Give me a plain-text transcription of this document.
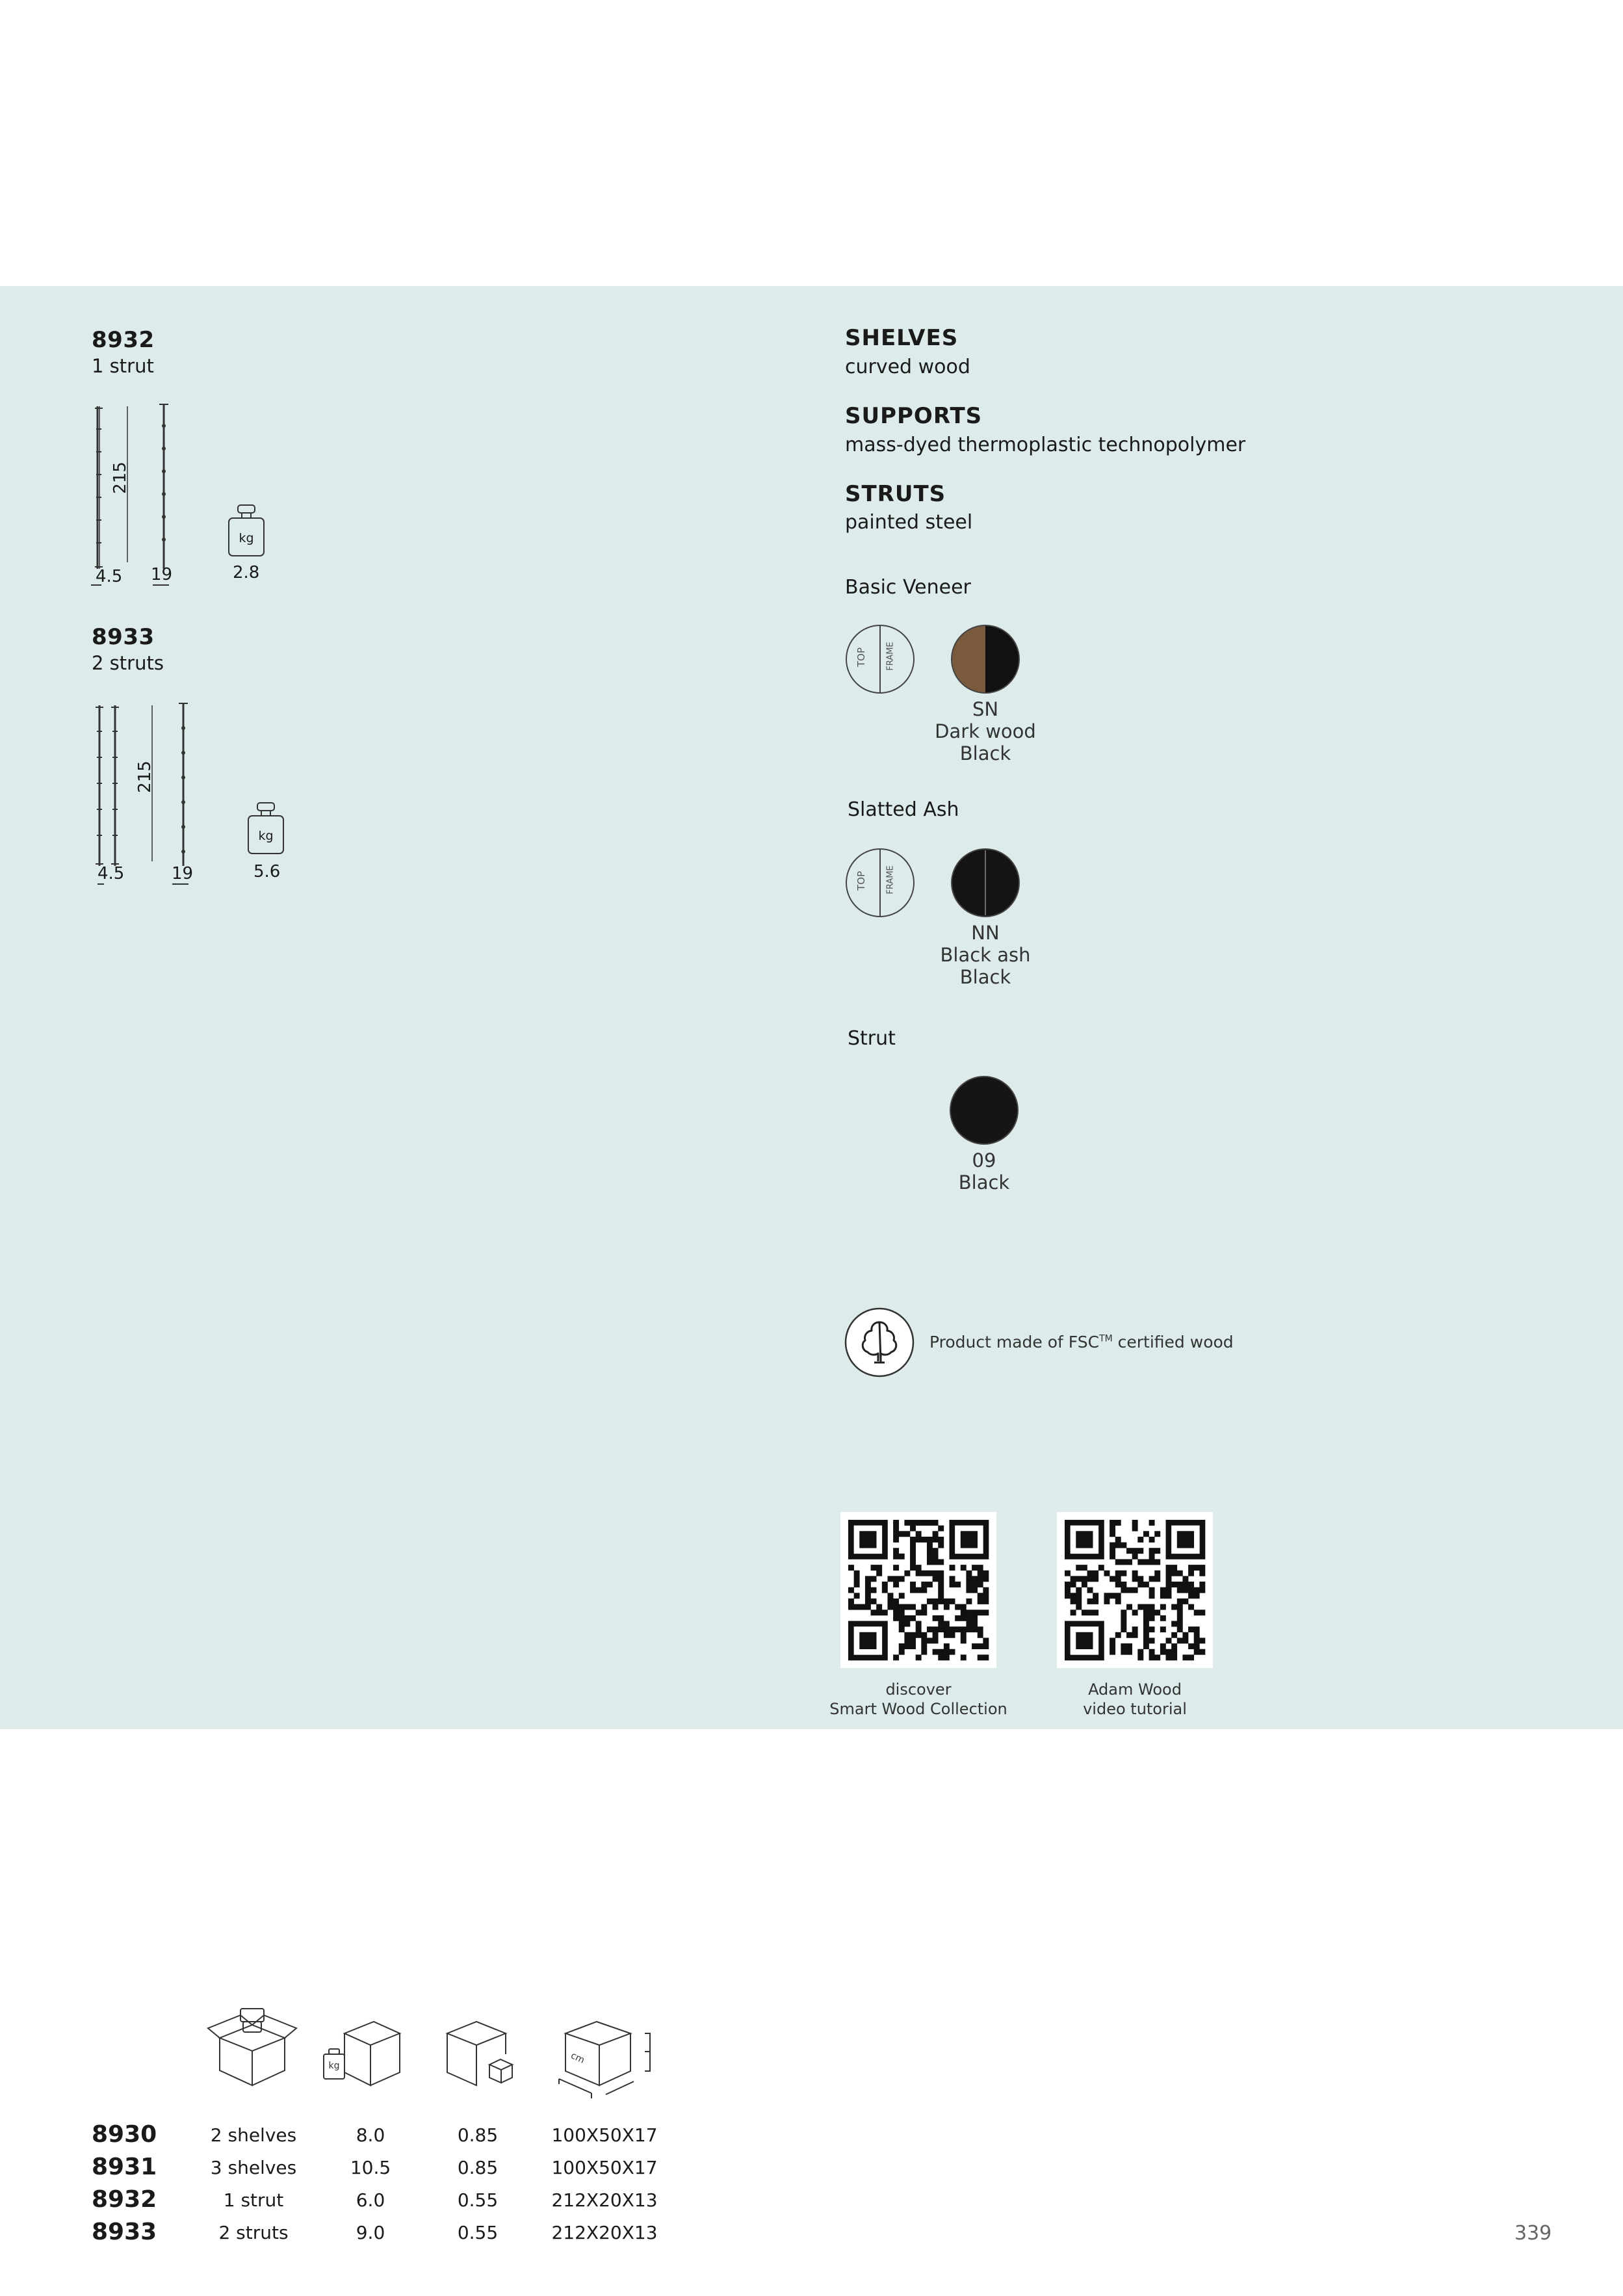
8932
1 strut
215
4.5 19
kg
2.8
8933
2 struts
215
4.5	19
kg
5.6
SHELVES
curved wood
SUPPORTS
mass-dyed thermoplastic technopolymer
STRUTS
painted steel
Basic Veneer
TOP FRAME
SN
Dark wood
Black
Slatted Ash
TOP FRAME
NN
Black ash
Black
Strut
09
Black
Product made of FSC™ certified wood
discover
Smart Wood Collection
Adam Wood
video tutorial
kg
cm
8930	2 shelves	8.0	0.85	100X50X17
8931	3 shelves	10.5	0.85	100X50X17
8932	1 strut	6.0	0.55	212X20X13
8933	2 struts	9.0	0.55	212X20X13	339
